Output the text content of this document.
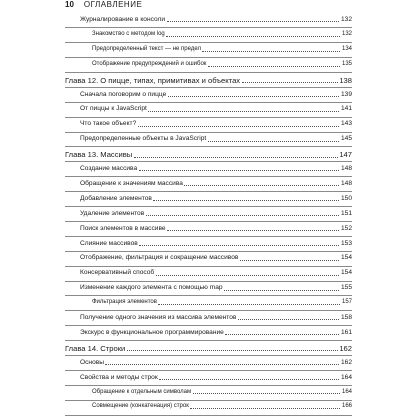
10 ОГЛАВЛЕНИЕ
Журналирование в консоли	132
Знакомство с методом log	132
Предопределенный текст — не предел	134
Отображение предупреждений и ошибок	135
Глава 12. О пицце, типах, примитивах и объектах	138
Сначала поговорим о пицце	139
От пиццы к JavaScript	141
Что такое объект?	143
Предопределенные объекты в JavaScript	145
Глава 13. Массивы	147
Создание массива	148
Обращение к значениям массива	148
Добавление элементов	150
Удаление элементов	151
Поиск элементов в массиве	152
Слияние массивов	153
Отображение, фильтрация и сокращение массивов	154
Консервативный способ	154
Изменение каждого элемента с помощью map	155
Фильтрация элементов	157
Получение одного значения из массива элементов	158
Экскурс в функциональное программирование	161
Глава 14. Строки	162
Основы	162
Свойства и методы строк	164
Обращение к отдельным символам	164
Совмещение (конкатенация) строк	166
